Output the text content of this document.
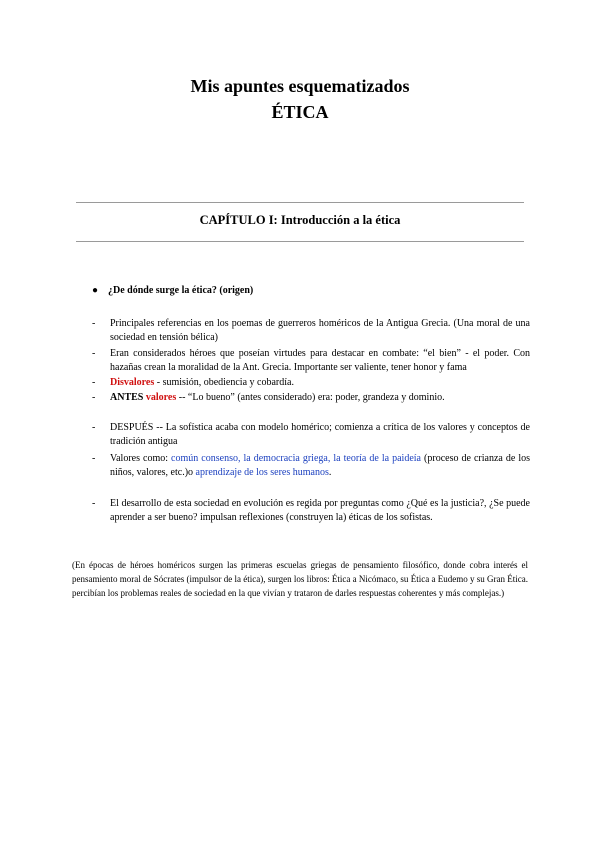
Mis apuntes esquematizados
ÉTICA
CAPÍTULO I: Introducción a la ética
● ¿De dónde surge la ética? (origen)
- Principales referencias en los poemas de guerreros homéricos de la Antigua Grecia. (Una moral de una sociedad en tensión bélica)
- Eran considerados héroes que poseían virtudes para destacar en combate: “el bien” - el poder. Con hazañas crean la moralidad de la Ant. Grecia. Importante ser valiente, tener honor y fama
- Disvalores - sumisión, obediencia y cobardía.
- ANTES valores -- “Lo bueno” (antes considerado) era: poder, grandeza y dominio.
- DESPUÉS -- La sofística acaba con modelo homérico; comienza a crítica de los valores y conceptos de tradición antigua
- Valores como: común consenso, la democracia griega, la teoría de la paideía (proceso de crianza de los niños, valores, etc.)o aprendizaje de los seres humanos.
- El desarrollo de esta sociedad en evolución es regida por preguntas como ¿Qué es la justicia?, ¿Se puede aprender a ser bueno? impulsan reflexiones (construyen la) éticas de los sofistas.
(En épocas de héroes homéricos surgen las primeras escuelas griegas de pensamiento filosófico, donde cobra interés el pensamiento moral de Sócrates (impulsor de la ética), surgen los libros: Ética a Nicómaco, su Ética a Eudemo y su Gran Ética. percibían los problemas reales de sociedad en la que vivían y trataron de darles respuestas coherentes y más complejas.)
